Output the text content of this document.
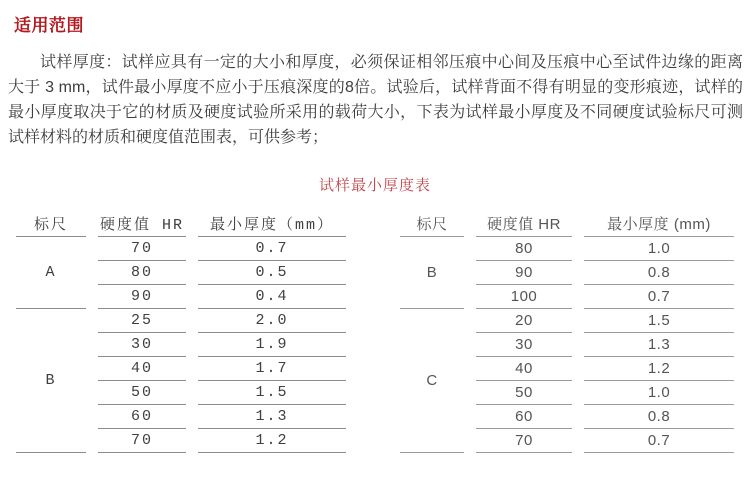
适用范围

试样厚度：试样应具有一定的大小和厚度，必须保证相邻压痕中心间及压痕中心至试件边缘的距离大于 3 mm，试件最小厚度不应小于压痕深度的8倍。试验后，试样背面不得有明显的变形痕迹，试样的最小厚度取决于它的材质及硬度试验所采用的载荷大小，下表为试样最小厚度及不同硬度试验标尺可测试样材料的材质和硬度值范围表，可供参考；

试样最小厚度表
标尺	硬度值 HR	最小厚度（mm）
A	70	0.7
	80	0.5
	90	0.4
B	25	2.0
	30	1.9
	40	1.7
	50	1.5
	60	1.3
	70	1.2
标尺	硬度值 HR	最小厚度 (mm)
B	80	1.0
	90	0.8
	100	0.7
C	20	1.5
	30	1.3
	40	1.2
	50	1.0
	60	0.8
	70	0.7
